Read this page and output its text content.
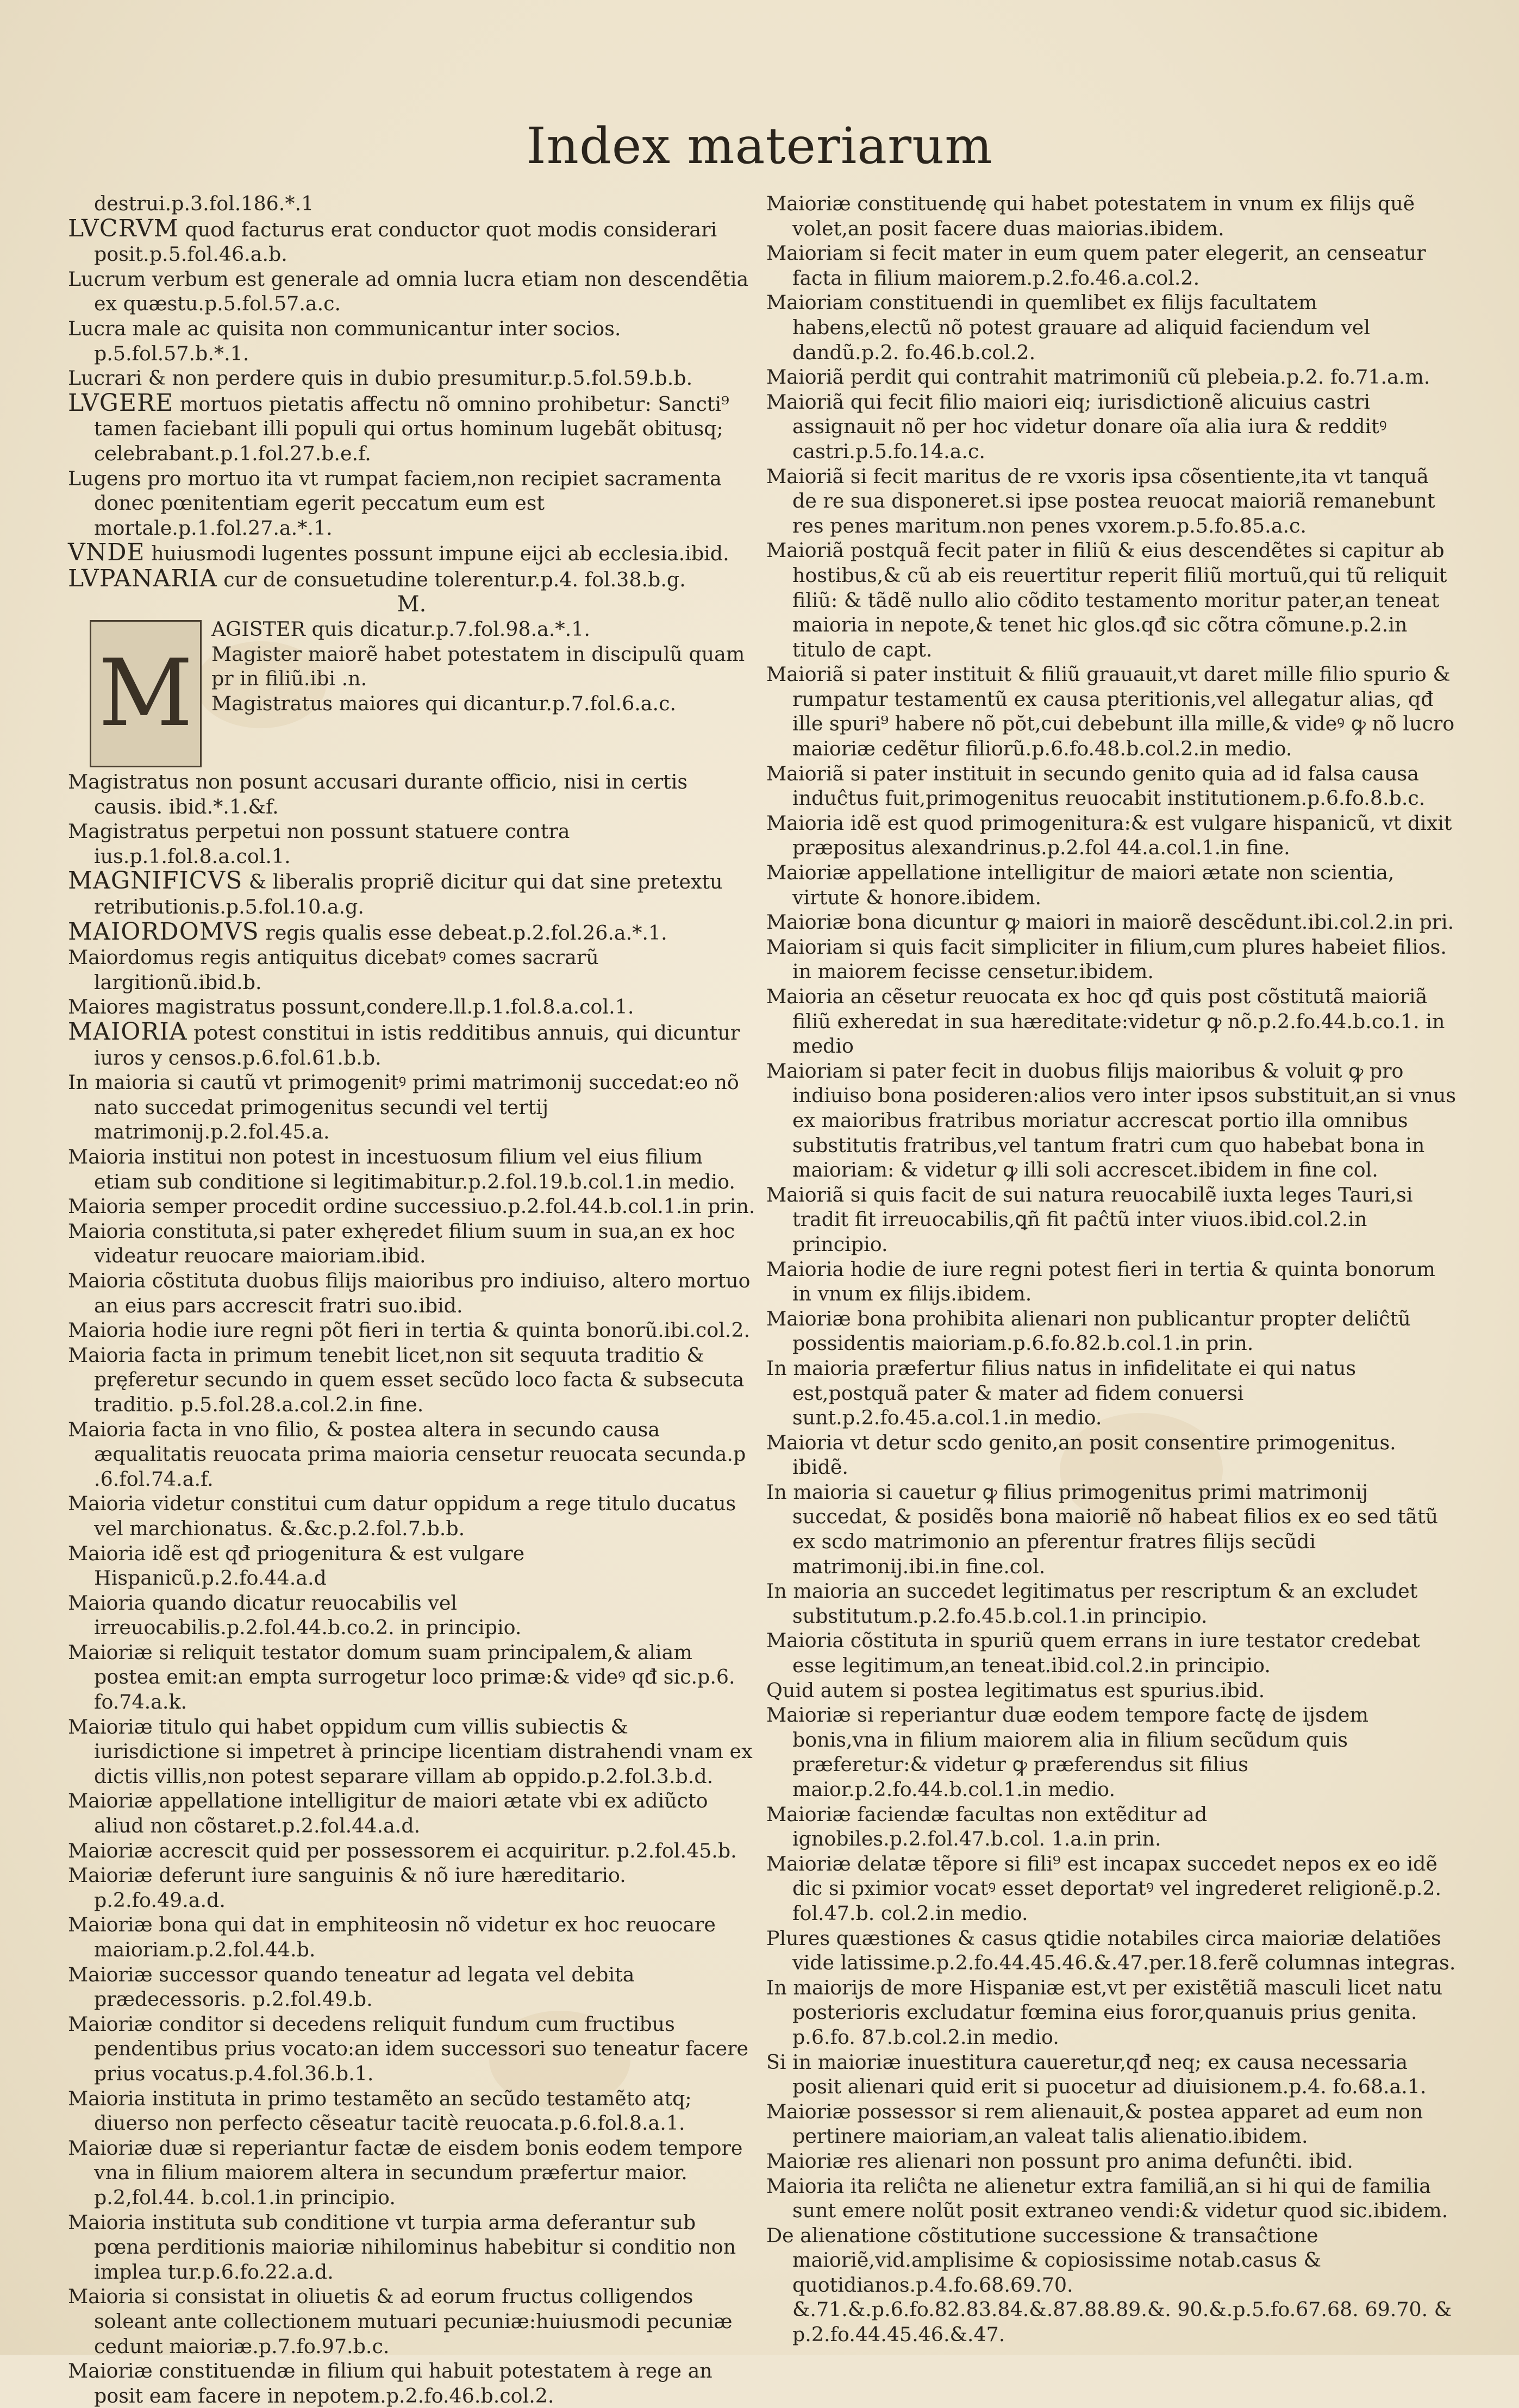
Index materiarum

destrui.p.3.fol.186.*.1

LVCRVM quod facturus erat conductor quot modis considerari posit.p.5.fol.46.a.b.

Lucrum verbum est generale ad omnia lucra etiam non descendẽtia ex quæstu.p.5.fol.57.a.c.

Lucra male ac quisita non communicantur inter socios. p.5.fol.57.b.*.1.

Lucrari & non perdere quis in dubio presumitur.p.5.fol.59.b.b.

LVGERE mortuos pietatis affectu nõ omnino prohibetur: Sancti⁹ tamen faciebant illi populi qui ortus hominum lugebãt obitusq; celebrabant.p.1.fol.27.b.e.f.

Lugens pro mortuo ita vt rumpat faciem,non recipiet sacramenta donec pœnitentiam egerit peccatum eum est mortale.p.1.fol.27.a.*.1.

VNDE huiusmodi lugentes possunt impune eijci ab ecclesia.ibid.

LVPANARIA cur de consuetudine tolerentur.p.4. fol.38.b.g.

M.

M

AGISTER quis dicatur.p.7.fol.98.a.*.1.

Magister maiorẽ habet potestatem in discipulũ quam pr in filiũ.ibi .n.

Magistratus maiores qui dicantur.p.7.fol.6.a.c.

Magistratus non posunt accusari durante officio, nisi in certis causis. ibid.*.1.&f.

Magistratus perpetui non possunt statuere contra ius.p.1.fol.8.a.col.1.

MAGNIFICVS & liberalis propriẽ dicitur qui dat sine pretextu retributionis.p.5.fol.10.a.g.

MAIORDOMVS regis qualis esse debeat.p.2.fol.26.a.*.1.

Maiordomus regis antiquitus dicebatꝰ comes sacrarũ largitionũ.ibid.b.

Maiores magistratus possunt,condere.ll.p.1.fol.8.a.col.1.

MAIORIA potest constitui in istis redditibus annuis, qui dicuntur iuros y censos.p.6.fol.61.b.b.

In maioria si cautũ vt primogenitꝰ primi matrimonij succedat:eo nõ nato succedat primogenitus secundi vel tertij matrimonij.p.2.fol.45.a.

Maioria institui non potest in incestuosum filium vel eius filium etiam sub conditione si legitimabitur.p.2.fol.19.b.col.1.in medio.

Maioria semper procedit ordine successiuo.p.2.fol.44.b.col.1.in prin.

Maioria constituta,si pater exhęredet filium suum in sua,an ex hoc videatur reuocare maioriam.ibid.

Maioria cõstituta duobus filijs maioribus pro indiuiso, altero mortuo an eius pars accrescit fratri suo.ibid.

Maioria hodie iure regni põt fieri in tertia & quinta bonorũ.ibi.col.2.

Maioria facta in primum tenebit licet,non sit sequuta traditio & pręferetur secundo in quem esset secũdo loco facta & subsecuta traditio. p.5.fol.28.a.col.2.in fine.

Maioria facta in vno filio, & postea altera in secundo causa æqualitatis reuocata prima maioria censetur reuocata secunda.p .6.fol.74.a.f.

Maioria videtur constitui cum datur oppidum a rege titulo ducatus vel marchionatus. &.&c.p.2.fol.7.b.b.

Maioria idẽ est qđ priogenitura & est vulgare Hispanicũ.p.2.fo.44.a.d

Maioria quando dicatur reuocabilis vel irreuocabilis.p.2.fol.44.b.co.2. in principio.

Maioriæ si reliquit testator domum suam principalem,& aliam postea emit:an empta surrogetur loco primæ:& videꝰ qđ sic.p.6. fo.74.a.k.

Maioriæ titulo qui habet oppidum cum villis subiectis & iurisdictione si impetret à principe licentiam distrahendi vnam ex dictis villis,non potest separare villam ab oppido.p.2.fol.3.b.d.

Maioriæ appellatione intelligitur de maiori ætate vbi ex adiũcto aliud non cõstaret.p.2.fol.44.a.d.

Maioriæ accrescit quid per possessorem ei acquiritur. p.2.fol.45.b.

Maioriæ deferunt iure sanguinis & nõ iure hæreditario. p.2.fo.49.a.d.

Maioriæ bona qui dat in emphiteosin nõ videtur ex hoc reuocare maioriam.p.2.fol.44.b.

Maioriæ successor quando teneatur ad legata vel debita prædecessoris. p.2.fol.49.b.

Maioriæ conditor si decedens reliquit fundum cum fructibus pendentibus prius vocato:an idem successori suo teneatur facere prius vocatus.p.4.fol.36.b.1.

Maioria instituta in primo testamẽto an secũdo testamẽto atq; diuerso non perfecto cẽseatur tacitè reuocata.p.6.fol.8.a.1.

Maioriæ duæ si reperiantur factæ de eisdem bonis eodem tempore vna in filium maiorem altera in secundum præfertur maior. p.2,fol.44. b.col.1.in principio.

Maioria instituta sub conditione vt turpia arma deferantur sub pœna perditionis maioriæ nihilominus habebitur si conditio non implea tur.p.6.fo.22.a.d.

Maioria si consistat in oliuetis & ad eorum fructus colligendos soleant ante collectionem mutuari pecuniæ:huiusmodi pecuniæ cedunt maioriæ.p.7.fo.97.b.c.

Maioriæ constituendæ in filium qui habuit potestatem à rege an posit eam facere in nepotem.p.2.fo.46.b.col.2.

Maioriæ constituendę qui habet potestatem in vnum ex filijs quẽ volet,an posit facere duas maiorias.ibidem.

Maioriam si fecit mater in eum quem pater elegerit, an censeatur facta in filium maiorem.p.2.fo.46.a.col.2.

Maioriam constituendi in quemlibet ex filijs facultatem habens,electũ nõ potest grauare ad aliquid faciendum vel dandũ.p.2. fo.46.b.col.2.

Maioriã perdit qui contrahit matrimoniũ cũ plebeia.p.2. fo.71.a.m.

Maioriã qui fecit filio maiori eiq; iurisdictionẽ alicuius castri assignauit nõ per hoc videtur donare oĩa alia iura & redditꝰ castri.p.5.fo.14.a.c.

Maioriã si fecit maritus de re vxoris ipsa cõsentiente,ita vt tanquã de re sua disponeret.si ipse postea reuocat maioriã remanebunt res penes maritum.non penes vxorem.p.5.fo.85.a.c.

Maioriã postquã fecit pater in filiũ & eius descendẽtes si capitur ab hostibus,& cũ ab eis reuertitur reperit filiũ mortuũ,qui tũ reliquit filiũ: & tãdẽ nullo alio cõdito testamento moritur pater,an teneat maioria in nepote,& tenet hic glos.qđ sic cõtra cõmune.p.2.in titulo de capt.

Maioriã si pater instituit & filiũ grauauit,vt daret mille filio spurio & rumpatur testamentũ ex causa pteritionis,vel allegatur alias, qđ ille spuri⁹ habere nõ pŏt,cui debebunt illa mille,& videꝰ ꝙ nõ lucro maioriæ cedẽtur filiorũ.p.6.fo.48.b.col.2.in medio.

Maioriã si pater instituit in secundo genito quia ad id falsa causa induĉtus fuit,primogenitus reuocabit institutionem.p.6.fo.8.b.c.

Maioria idẽ est quod primogenitura:& est vulgare hispanicũ, vt dixit præpositus alexandrinus.p.2.fol 44.a.col.1.in fine.

Maioriæ appellatione intelligitur de maiori ætate non scientia, virtute & honore.ibidem.

Maioriæ bona dicuntur ꝙ maiori in maiorẽ descẽdunt.ibi.col.2.in pri.

Maioriam si quis facit simpliciter in filium,cum plures habeiet filios. in maiorem fecisse censetur.ibidem.

Maioria an cẽsetur reuocata ex hoc qđ quis post cõstitutã maioriã filiũ exheredat in sua hæreditate:videtur ꝙ nõ.p.2.fo.44.b.co.1. in medio

Maioriam si pater fecit in duobus filijs maioribus & voluit ꝙ pro indiuiso bona posideren:alios vero inter ipsos substituit,an si vnus ex maioribus fratribus moriatur accrescat portio illa omnibus substitutis fratribus,vel tantum fratri cum quo habebat bona in maioriam: & videtur ꝙ illi soli accrescet.ibidem in fine col.

Maioriã si quis facit de sui natura reuocabilẽ iuxta leges Tauri,si tradit fit irreuocabilis,ꝗñ fit paĉtũ inter viuos.ibid.col.2.in principio.

Maioria hodie de iure regni potest fieri in tertia & quinta bonorum in vnum ex filijs.ibidem.

Maioriæ bona prohibita alienari non publicantur propter deliĉtũ possidentis maioriam.p.6.fo.82.b.col.1.in prin.

In maioria præfertur filius natus in infidelitate ei qui natus est,postquã pater & mater ad fidem conuersi sunt.p.2.fo.45.a.col.1.in medio.

Maioria vt detur scdo genito,an posit consentire primogenitus. ibidẽ.

In maioria si cauetur ꝙ filius primogenitus primi matrimonij succedat, & posidẽs bona maioriẽ nõ habeat filios ex eo sed tãtũ ex scdo matrimonio an pferentur fratres filijs secũdi matrimonij.ibi.in fine.col.

In maioria an succedet legitimatus per rescriptum & an excludet substitutum.p.2.fo.45.b.col.1.in principio.

Maioria cõstituta in spuriũ quem errans in iure testator credebat esse legitimum,an teneat.ibid.col.2.in principio.

Quid autem si postea legitimatus est spurius.ibid.

Maioriæ si reperiantur duæ eodem tempore factę de ijsdem bonis,vna in filium maiorem alia in filium secũdum quis præferetur:& videtur ꝙ præferendus sit filius maior.p.2.fo.44.b.col.1.in medio.

Maioriæ faciendæ facultas non extẽditur ad ignobiles.p.2.fol.47.b.col. 1.a.in prin.

Maioriæ delatæ tẽpore si fili⁹ est incapax succedet nepos ex eo idẽ dic si pximior vocatꝰ esset deportatꝰ vel ingrederet religionẽ.p.2. fol.47.b. col.2.in medio.

Plures quæstiones & casus ꝗtidie notabiles circa maioriæ delatiões vide latissime.p.2.fo.44.45.46.&.47.per.18.ferẽ columnas integras.

In maiorijs de more Hispaniæ est,vt per existẽtiã masculi licet natu posterioris excludatur fœmina eius foror,quanuis prius genita. p.6.fo. 87.b.col.2.in medio.

Si in maioriæ inuestitura caueretur,qđ neq; ex causa necessaria posit alienari quid erit si puocetur ad diuisionem.p.4. fo.68.a.1.

Maioriæ possessor si rem alienauit,& postea apparet ad eum non pertinere maioriam,an valeat talis alienatio.ibidem.

Maioriæ res alienari non possunt pro anima defunĉti. ibid.

Maioria ita reliĉta ne alienetur extra familiã,an si hi qui de familia sunt emere nolũt posit extraneo vendi:& videtur quod sic.ibidem.

De alienatione cõstitutione successione & transaĉtione maioriẽ,vid.amplisime & copiosissime notab.casus & quotidianos.p.4.fo.68.69.70. &.71.&.p.6.fo.82.83.84.&.87.88.89.&. 90.&.p.5.fo.67.68. 69.70. & p.2.fo.44.45.46.&.47.
